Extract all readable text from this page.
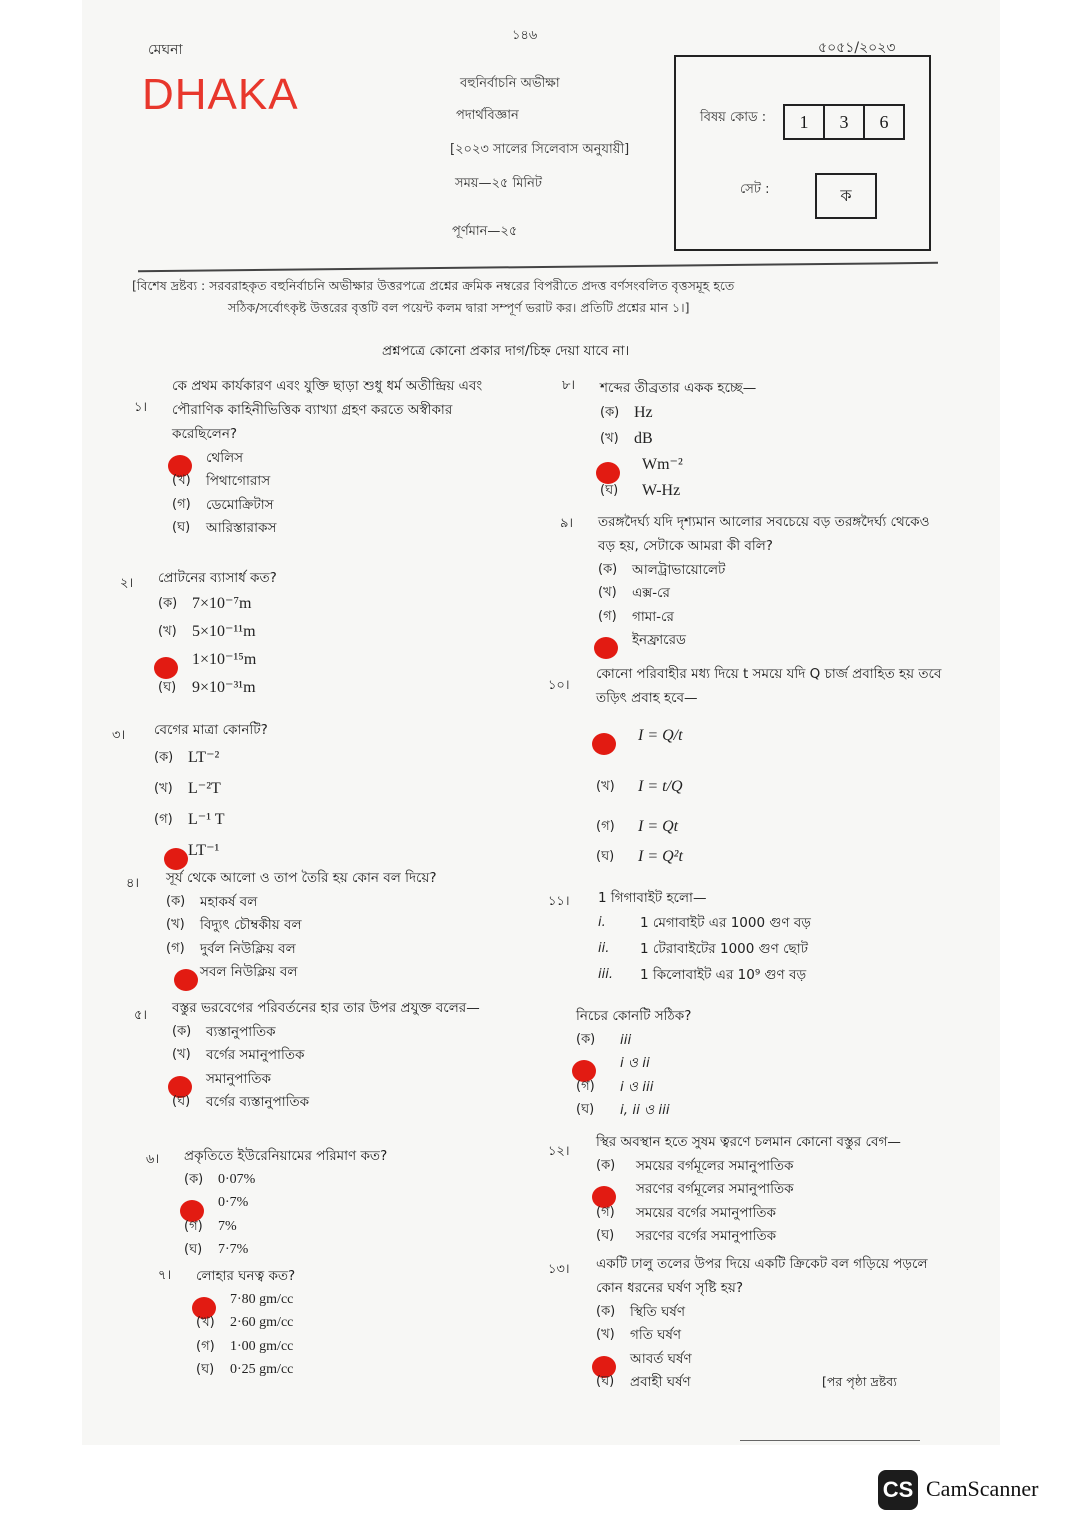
মেঘনা
DHAKA
১৪৬
৫০৫১/২০২৩
বহুনির্বাচনি অভীক্ষা
পদার্থবিজ্ঞান
[২০২৩ সালের সিলেবাস অনুযায়ী]
সময়—২৫ মিনিট
পূর্ণমান—২৫
বিষয় কোড :	1 3 6
সেট :	ক
[বিশেষ দ্রষ্টব্য : সরবরাহকৃত বহুনির্বাচনি অভীক্ষার উত্তরপত্রে প্রশ্নের ক্রমিক নম্বরের বিপরীতে প্রদত্ত বর্ণসংবলিত বৃত্তসমূহ হতে
সঠিক/সর্বোৎকৃষ্ট উত্তরের বৃত্তটি বল পয়েন্ট কলম দ্বারা সম্পূর্ণ ভরাট কর। প্রতিটি প্রশ্নের মান ১।]
প্রশ্নপত্রে কোনো প্রকার দাগ/চিহ্ন দেয়া যাবে না।
১।
কে প্রথম কার্যকারণ এবং যুক্তি ছাড়া শুধু ধর্ম অতীন্দ্রিয় এবং পৌরাণিক কাহিনীভিত্তিক ব্যাখ্যা গ্রহণ করতে অস্বীকার করেছিলেন?
থেলিস
(খ)	পিথাগোরাস
(গ)	ডেমোক্রিটাস
(ঘ)	আরিস্তারাকস
২। প্রোটনের ব্যাসার্ধ কত?
(ক) 7×10⁻⁷m
(খ) 5×10⁻¹¹m
1×10⁻¹⁵m
(ঘ) 9×10⁻³¹m
৩। বেগের মাত্রা কোনটি?
(ক) LT⁻²
(খ) L⁻²T
(গ) L⁻¹ T
LT⁻¹
৪। সূর্য থেকে আলো ও তাপ তৈরি হয় কোন বল দিয়ে?
(ক)	মহাকর্ষ বল
(খ)	বিদ্যুৎ চৌম্বকীয় বল
(গ)	দুর্বল নিউক্লিয় বল
সবল নিউক্লিয় বল
৫। বস্তুর ভরবেগের পরিবর্তনের হার তার উপর প্রযুক্ত বলের—
(ক)	ব্যস্তানুপাতিক
(খ)	বর্গের সমানুপাতিক
সমানুপাতিক
(ঘ)	বর্গের ব্যস্তানুপাতিক
৬। প্রকৃতিতে ইউরেনিয়ামের পরিমাণ কত?
(ক)	0·07%
0·7%
(গ)	7%
(ঘ)	7·7%
৭। লোহার ঘনত্ব কত?
7·80 gm/cc
(খ)	2·60 gm/cc
(গ)	1·00 gm/cc
(ঘ)	0·25 gm/cc
৮। শব্দের তীব্রতার একক হচ্ছে—
(ক) Hz
(খ) dB
Wm⁻²
(ঘ)	W-Hz
৯। তরঙ্গদৈর্ঘ্য যদি দৃশ্যমান আলোর সবচেয়ে বড় তরঙ্গদৈর্ঘ্য থেকেও বড় হয়, সেটাকে আমরা কী বলি?
(ক)	আলট্রাভায়োলেট
(খ)	এক্স-রে
(গ)	গামা-রে
ইনফ্রারেড
১০।
কোনো পরিবাহীর মধ্য দিয়ে t সময়ে যদি Q চার্জ প্রবাহিত হয় তবে তড়িৎ প্রবাহ হবে—
I = Q/t
(খ)	I = t/Q
(গ)	I = Qt
(ঘ)	I = Q²t
১১। 1 গিগাবাইট হলো—
i.	1 মেগাবাইট এর 1000 গুণ বড়
ii.	1 টেরাবাইটের 1000 গুণ ছোট
iii.	1 কিলোবাইট এর 10⁹ গুণ বড়
নিচের কোনটি সঠিক?
(ক)	iii
i ও ii
(গ)	i ও iii
(ঘ)	i, ii ও iii
১২।
স্থির অবস্থান হতে সুষম ত্বরণে চলমান কোনো বস্তুর বেগ—
(ক)	সময়ের বর্গমূলের সমানুপাতিক
সরণের বর্গমূলের সমানুপাতিক
(গ)	সময়ের বর্গের সমানুপাতিক
(ঘ)	সরণের বর্গের সমানুপাতিক
১৩। একটি ঢালু তলের উপর দিয়ে একটি ক্রিকেট বল গড়িয়ে পড়লে কোন ধরনের ঘর্ষণ সৃষ্টি হয়?
(ক)	স্থিতি ঘর্ষণ
(খ)	গতি ঘর্ষণ
আবর্ত ঘর্ষণ
(ঘ)	প্রবাহী ঘর্ষণ	[পর পৃষ্ঠা দ্রষ্টব্য
CS CamScanner
